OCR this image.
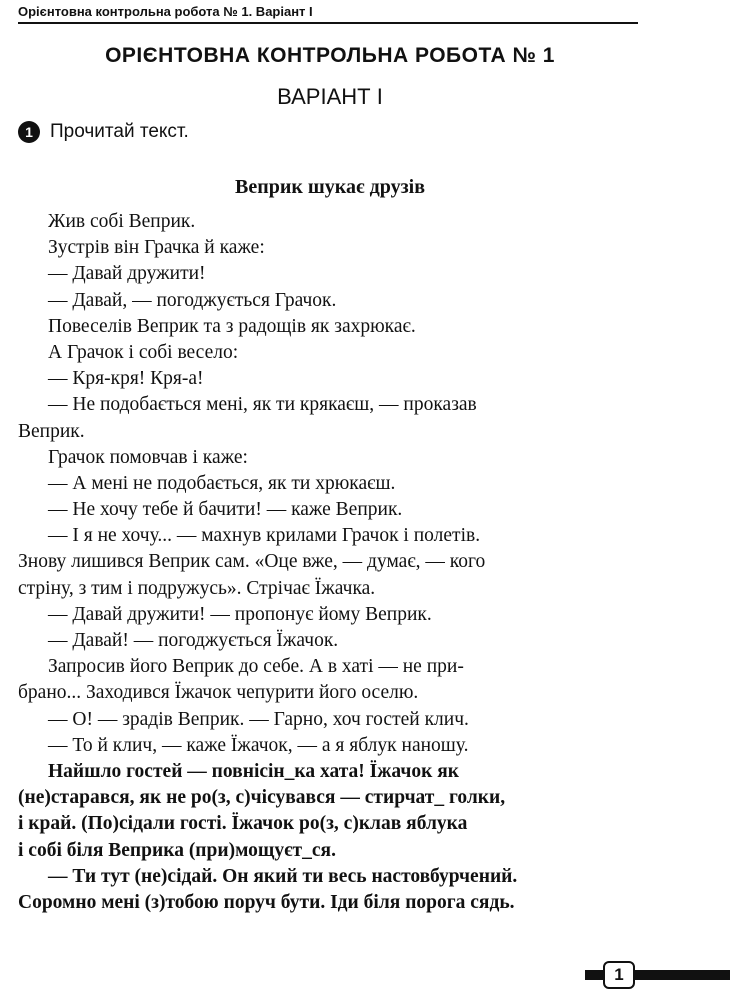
Орієнтовна контрольна робота № 1. Варіант І
ОРІЄНТОВНА КОНТРОЛЬНА РОБОТА № 1
ВАРІАНТ І
1 Прочитай текст.
Веприк шукає друзів
Жив собі Веприк.
Зустрів він Грачка й каже:
— Давай дружити!
— Давай, — погоджується Грачок.
Повеселів Веприк та з радощів як захрюкає.
А Грачок і собі весело:
— Кря-кря! Кря-а!
— Не подобається мені, як ти крякаєш, — проказав
Веприк.
Грачок помовчав і каже:
— А мені не подобається, як ти хрюкаєш.
— Не хочу тебе й бачити! — каже Веприк.
— І я не хочу... — махнув крилами Грачок і полетів.
Знову лишився Веприк сам. «Оце вже, — думає, — кого
стріну, з тим і подружусь». Стрічає Їжачка.
— Давай дружити! — пропонує йому Веприк.
— Давай! — погоджується Їжачок.
Запросив його Веприк до себе. А в хаті — не при-
брано... Заходився Їжачок чепурити його оселю.
— О! — зрадів Веприк. — Гарно, хоч гостей клич.
— То й клич, — каже Їжачок, — а я яблук наношу.
Найшло гостей — повнісін_ка хата! Їжачок як
(не)старався, як не ро(з, с)чісувався — стирчат_ голки,
і край. (По)сідали гості. Їжачок ро(з, с)клав яблука
і собі біля Веприка (при)мощуєт_ся.
— Ти тут (не)сідай. Он який ти весь настовбурчений.
Соромно мені (з)тобою поруч бути. Іди біля порога сядь.
1
